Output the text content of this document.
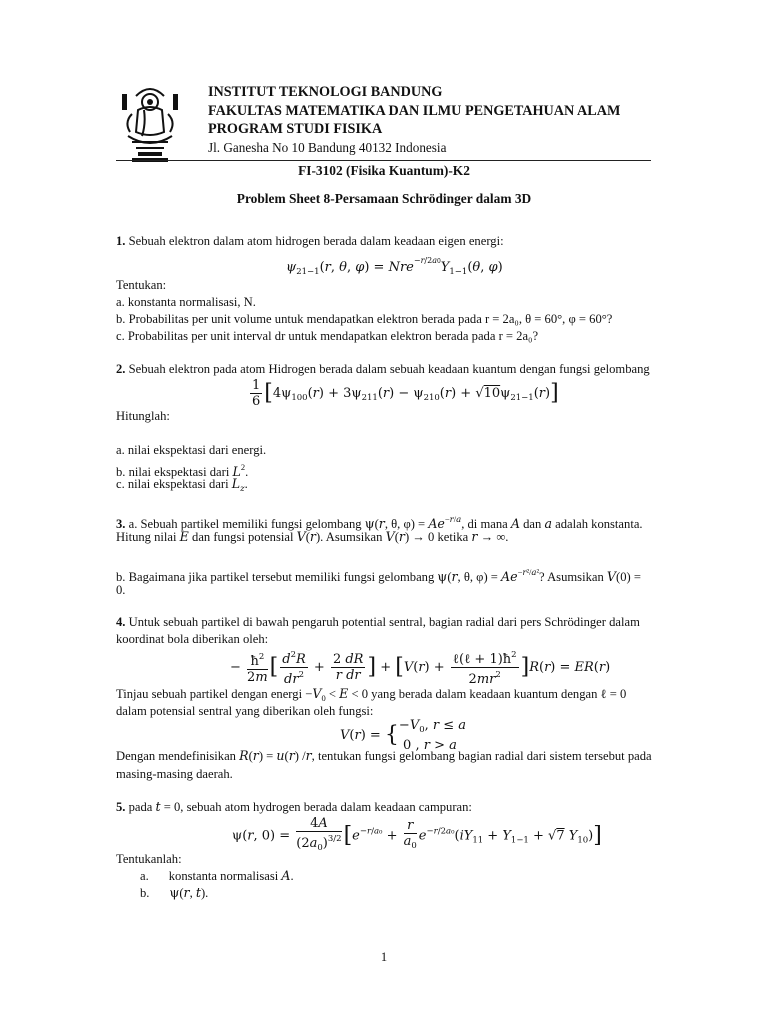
INSTITUT TEKNOLOGI BANDUNG
FAKULTAS MATEMATIKA DAN ILMU PENGETAHUAN ALAM
PROGRAM STUDI FISIKA
Jl. Ganesha No 10 Bandung 40132 Indonesia
FI-3102 (Fisika Kuantum)-K2
Problem Sheet 8-Persamaan Schrödinger dalam 3D
1. Sebuah elektron dalam atom hidrogen berada dalam keadaan eigen energi:
$\psi_{21-1}(r$, θ, $\varphi) = Nre^{-r/2a0}Y_{1-1}(\theta$, φ)
Tentukan:
a. konstanta normalisasi, N.
b. Probabilitas per unit volume untuk mendapatkan elektron berada pada r = 2a₀, θ = 60°, φ = 60°?
c. Probabilitas per unit interval dr untuk mendapatkan elektron berada pada r = 2a₀?
2. Sebuah elektron pada atom Hidrogen berada dalam sebuah keadaan kuantum dengan fungsi gelombang
$\frac{1}{6} [4\psi_{100}(r) + 3\psi_{211}(r) - \psi_{210}(r) + √10\psi_{21-1}(r)]$
Hitunglah:
a. nilai ekspektasi dari energi.
b. nilai ekspektasi dari $L^2$.
c. nilai ekspektasi dari $L_z$.
3. a. Sebuah partikel memiliki fungsi gelombang ψ(r, θ, $\varphi) = Ae^{-r/a}$, di mana A dan a adalah konstanta.
Hitung nilai E dan fungsi potensial V(r). Asumsikan V(r) → 0 ketika r → ∞.
b. Bagaimana jika partikel tersebut memiliki fungsi gelombang ψ(r, θ, $\varphi) = Ae^{-r^2/a^2}$? Asumsikan V(0) =
0.
4. Untuk sebuah partikel di bawah pengaruh potential sentral, bagian radial dari pers Schrödinger dalam
koordinat bola diberikan oleh:
− $\frac{ħ^2}{2m}$ [ $\frac{d^2R}{dr^2} + \frac{2 dR}{\text{r dr}}$ ] + $[V(r) + \frac{\ell(\ell + 1)ħ^2}{2mr^2} ]R(r) = ER(r)$
Tinjau sebuah partikel dengan energi $-V_0 < E < 0$ yang berada dalam keadaan kuantum dengan ℓ = 0
dalam potensial sentral yang diberikan oleh fungsi:
$V(r) = \{-V_0$, r ≤ a
0 , r > a
Dengan mendefinisikan R(r) = u(r) /r, tentukan fungsi gelombang bagian radial dari sistem tersebut pada
masing-masing daerah.
5. pada t = 0, sebuah atom hydrogen berada dalam keadaan campuran:
ψ(r, $0) = \frac{4A}{(2a_0)^{3/2}} [e^{-r/a_0} + \frac{r}{a_0} e^{-r/2a_0}(iY_{11} + Y_{1-1} + √7$ $Y_{10}$)]
Tentukanlah:
a. konstanta normalisasi A.
b. ψ(r, t).
1
